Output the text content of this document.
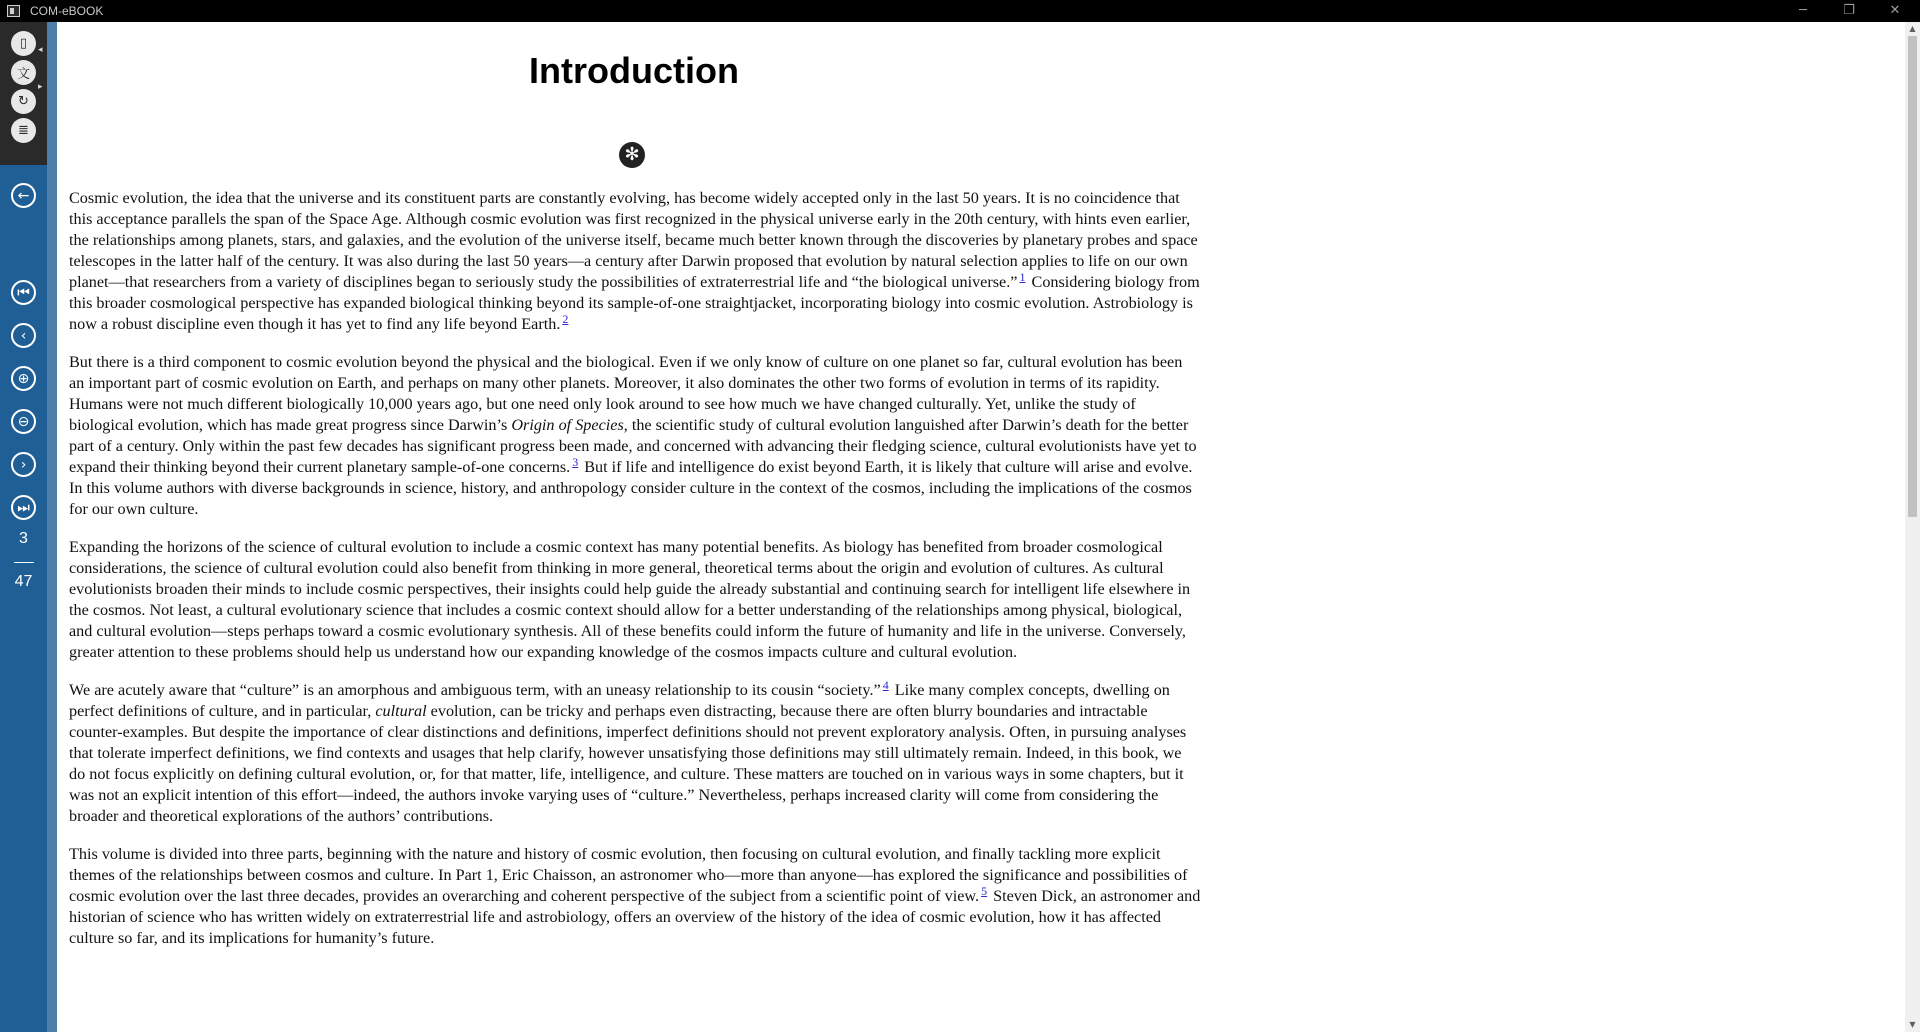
COM-eBOOK	─	❐	✕
▯
文
↻
≣
←
⏮
‹
⊕
⊖
›
⏭
3
47
◂
▸	Introduction
✻

Cosmic evolution, the idea that the universe and its constituent parts are constantly evolving, has become widely accepted only in the last 50 years. It is no coincidence that this acceptance parallels the span of the Space Age. Although cosmic evolution was first recognized in the physical universe early in the 20th century, with hints even earlier, the relationships among planets, stars, and galaxies, and the evolution of the universe itself, became much better known through the discoveries by planetary probes and space telescopes in the latter half of the century. It was also during the last 50 years—a century after Darwin proposed that evolution by natural selection applies to life on our own planet—that researchers from a variety of disciplines began to seriously study the possibilities of extraterrestrial life and “the biological universe.” $^1$ Considering biology from this broader cosmological perspective has expanded biological thinking beyond its sample-of-one straightjacket, incorporating biology into cosmic evolution. Astrobiology is now a robust discipline even though it has yet to find any life beyond Earth. $^2$

But there is a third component to cosmic evolution beyond the physical and the biological. Even if we only know of culture on one planet so far, cultural evolution has been an important part of cosmic evolution on Earth, and perhaps on many other planets. Moreover, it also dominates the other two forms of evolution in terms of its rapidity. Humans were not much different biologically 10,000 years ago, but one need only look around to see how much we have changed culturally. Yet, unlike the study of biological evolution, which has made great progress since Darwin’s Origin of Species, the scientific study of cultural evolution languished after Darwin’s death for the better part of a century. Only within the past few decades has significant progress been made, and concerned with advancing their fledging science, cultural evolutionists have yet to expand their thinking beyond their current planetary sample-of-one concerns. $^3$ But if life and intelligence do exist beyond Earth, it is likely that culture will arise and evolve. In this volume authors with diverse backgrounds in science, history, and anthropology consider culture in the context of the cosmos, including the implications of the cosmos for our own culture.

Expanding the horizons of the science of cultural evolution to include a cosmic context has many potential benefits. As biology has benefited from broader cosmological considerations, the science of cultural evolution could also benefit from thinking in more general, theoretical terms about the origin and evolution of cultures. As cultural evolutionists broaden their minds to include cosmic perspectives, their insights could help guide the already substantial and continuing search for intelligent life elsewhere in the cosmos. Not least, a cultural evolutionary science that includes a cosmic context should allow for a better understanding of the relationships among physical, biological, and cultural evolution—steps perhaps toward a cosmic evolutionary synthesis. All of these benefits could inform the future of humanity and life in the universe. Conversely, greater attention to these problems should help us understand how our expanding knowledge of the cosmos impacts culture and cultural evolution.

We are acutely aware that “culture” is an amorphous and ambiguous term, with an uneasy relationship to its cousin “society.” $^4$ Like many complex concepts, dwelling on perfect definitions of culture, and in particular, cultural evolution, can be tricky and perhaps even distracting, because there are often blurry boundaries and intractable counter-examples. But despite the importance of clear distinctions and definitions, imperfect definitions should not prevent exploratory analysis. Often, in pursuing analyses that tolerate imperfect definitions, we find contexts and usages that help clarify, however unsatisfying those definitions may still ultimately remain. Indeed, in this book, we do not focus explicitly on defining cultural evolution, or, for that matter, life, intelligence, and culture. These matters are touched on in various ways in some chapters, but it was not an explicit intention of this effort—indeed, the authors invoke varying uses of “culture.” Nevertheless, perhaps increased clarity will come from considering the broader and theoretical explorations of the authors’ contributions.

This volume is divided into three parts, beginning with the nature and history of cosmic evolution, then focusing on cultural evolution, and finally tackling more explicit themes of the relationships between cosmos and culture. In Part 1, Eric Chaisson, an astronomer who—more than anyone—has explored the significance and possibilities of cosmic evolution over the last three decades, provides an overarching and coherent perspective of the subject from a scientific point of view. $^5$ Steven Dick, an astronomer and historian of science who has written widely on extraterrestrial life and astrobiology, offers an overview of the history of the idea of cosmic evolution, how it has affected culture so far, and its implications for humanity’s future.

▲
▼
